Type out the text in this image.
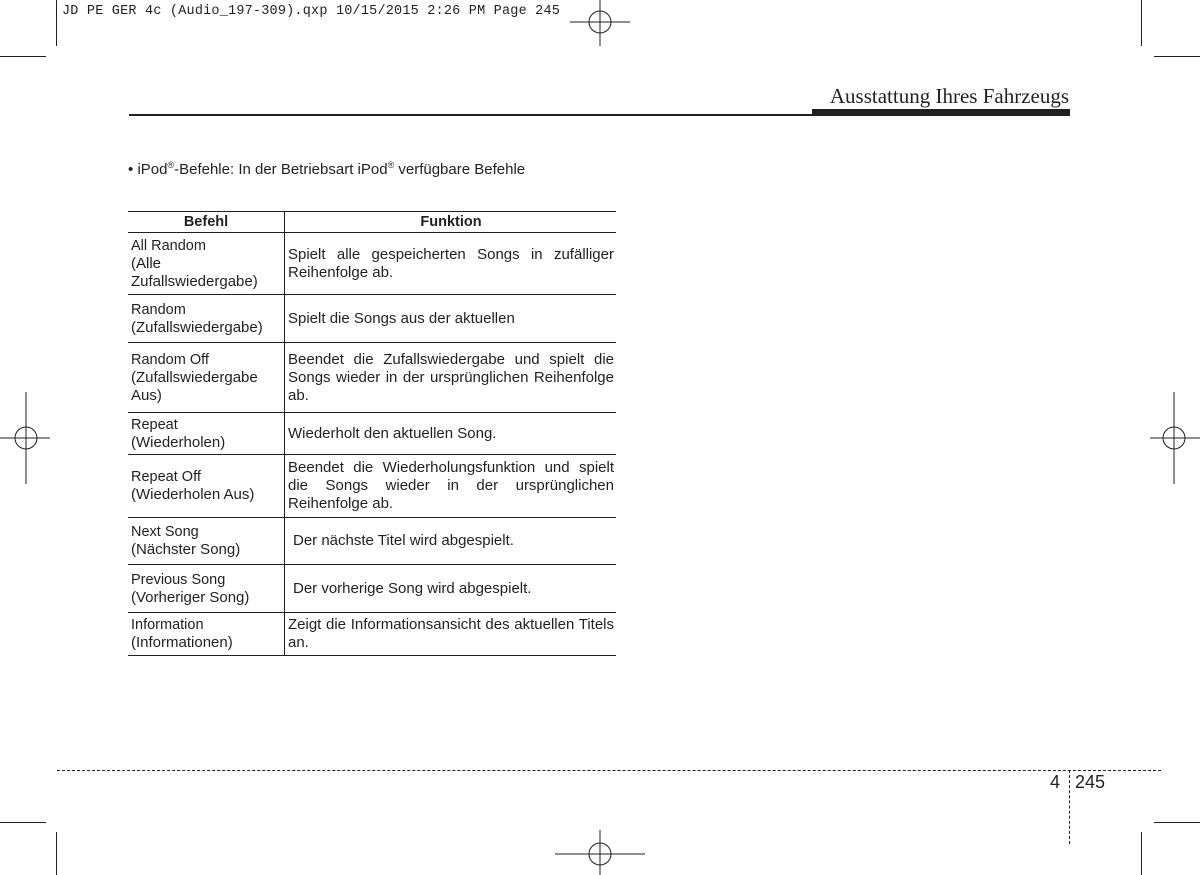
JD PE GER 4c (Audio_197-309).qxp 10/15/2015 2:26 PM Page 245
Ausstattung Ihres Fahrzeugs
• iPod®-Befehle: In der Betriebsart iPod® verfügbare Befehle
Befehl	Funktion

All Random
(Alle
Zufallswiedergabe)	Spielt alle gespeicherten Songs in zufälliger Reihenfolge ab.

Random
(Zufallswiedergabe)	Spielt die Songs aus der aktuellen

Random Off
(Zufallswiedergabe
Aus)	Beendet die Zufallswiedergabe und spielt die Songs wieder in der ursprünglichen Reihenfolge ab.

Repeat
(Wiederholen)	Wiederholt den aktuellen Song.

Repeat Off
(Wiederholen Aus)	Beendet die Wiederholungsfunktion und spielt die Songs wieder in der ursprünglichen Reihenfolge ab.

Next Song
(Nächster Song)	Der nächste Titel wird abgespielt.

Previous Song
(Vorheriger Song)	Der vorherige Song wird abgespielt.

Information
(Informationen)	Zeigt die Informationsansicht des aktuellen Titels an.
4 245
